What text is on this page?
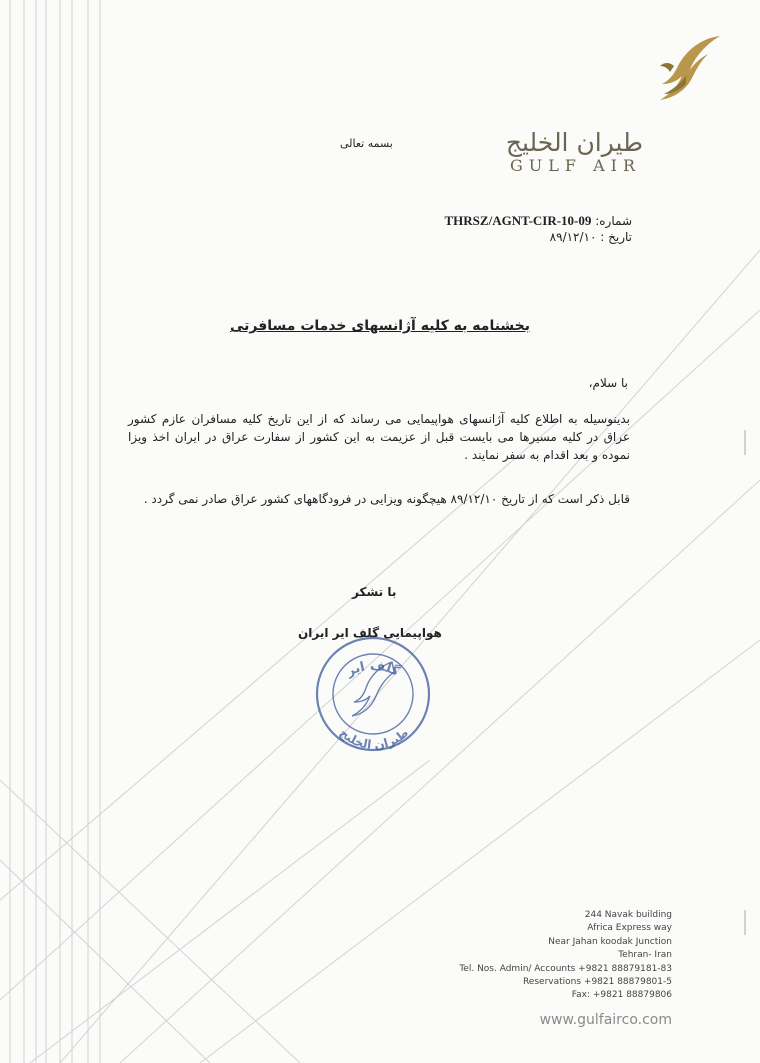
طيران الخليج
GULF AIR
بسمه تعالی
شماره: THRSZ/AGNT-CIR-10-09
تاریخ : ۸۹/۱۲/۱۰
بخشنامه به کلیه آژانسهای خدمات مسافرتی
با سلام،
بدینوسیله به اطلاع کلیه آژانسهای هواپیمایی می رساند که از این تاریخ کلیه مسافران عازم کشور عراق در کلیه مسیرها می بایست قبل از عزیمت به این کشور از سفارت عراق در ایران اخذ ویزا نموده و بعد اقدام به سفر نمایند .
قابل ذکر است که از تاریخ ۸۹/۱۲/۱۰ هیچگونه ویزایی در فرودگاههای کشور عراق صادر نمی گردد .
با تشکر
گلف ایر
طیران الخلیج
هواپیمایی گلف ایر ایران
244 Navak building
Africa Express way
Near Jahan koodak Junction
Tehran- Iran
Tel. Nos. Admin/ Accounts +9821 88879181-83
Reservations +9821 88879801-5
Fax: +9821 88879806
www.gulfairco.com
